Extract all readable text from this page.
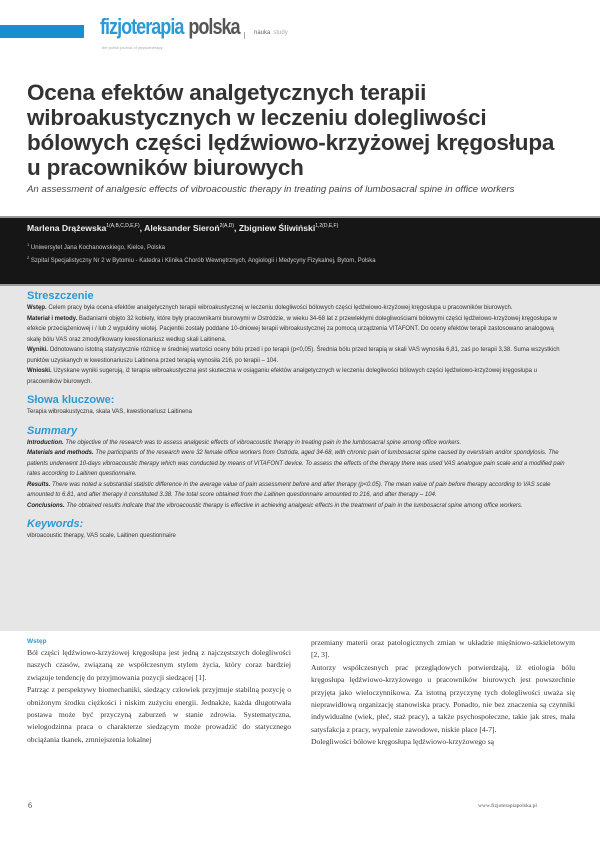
fizjoterapia polska
the polish journal of physiotherapy
nauka study
Ocena efektów analgetycznych terapii wibroakustycznych w leczeniu dolegliwości bólowych części lędźwiowo-krzyżowej kręgosłupa u pracowników biurowych

An assessment of analgesic effects of vibroacoustic therapy in treating pains of lumbosacral spine in office workers

Marlena Drążewska$^{1(A,B,C,D,E,F)}$, Aleksander Sieroń$^{2(A,D)}$, Zbigniew Śliwiński$^{1,2(D,E,F)}$
$^1$ Uniwersytet Jana Kochanowskiego, Kielce, Polska
$^2$ Szpital Specjalistyczny Nr 2 w Bytomiu - Katedra i Klinika Chorób Wewnętrznych, Angiologii i Medycyny Fizykalnej, Bytom, Polska
Streszczenie

Wstęp. Celem pracy była ocena efektów analgetycznych terapii wibroakustycznej w leczeniu dolegliwości bólowych części lędźwiowo-krzyżowej kręgosłupa u pracowników biurowych.

Materiał i metody. Badaniami objęto 32 kobiety, które były pracownikami biurowymi w Ostródzie, w wieku 34-68 lat z przewlekłymi dolegliwościami bólowymi części lędźwiowo-krzyżowej kręgosłupa w efekcie przeciążeniowej i / lub 2 wypukliny wiotej. Pacjentki zostały poddane 10-dniowej terapii wibroakustycznej za pomocą urządzenia VITAFONT. Do oceny efektów terapii zastosowano analogową skalę bólu VAS oraz zmodyfikowany kwestionariusz według skali Laitinena.

Wyniki. Odnotowano istotną statystycznie różnicę w średniej wartości oceny bólu przed i po terapii (p<0,05). Średnia bólu przed terapią w skali VAS wynosiła 6,81, zaś po terapii 3,38. Suma wszystkich punktów uzyskanych w kwestionariuszu Laitinena przed terapią wynosiła 216, po terapii – 104.

Wnioski. Uzyskane wyniki sugerują, iż terapia wibroakustyczna jest skuteczna w osiąganiu efektów analgetycznych w leczeniu dolegliwości bólowych części lędźwiowo-krzyżowej kręgosłupa u pracowników biurowych.

Słowa kluczowe:

Terapia wibroakustyczna, skala VAS, kwestionariusz Laitinena

Summary

Introduction. The objective of the research was to assess analgesic effects of vibroacoustic therapy in treating pain in the lumbosacral spine among office workers.

Materials and methods. The participants of the research were 32 female office workers from Ostróda, aged 34-68, with chronic pain of lumbosacral spine caused by overstrain and/or spondylosis. The patients underwent 10-days vibroacoustic therapy which was conducted by means of VITAFONT device. To assess the effects of the therapy there was used VAS analogue pain scale and a modified pain rates according to Laitinen questionnaire.

Results. There was noted a substantial statistic difference in the average value of pain assessment before and after therapy (p<0.05). The mean value of pain before therapy according to VAS scale amounted to 6.81, and after therapy it constituted 3.38. The total score obtained from the Laitinen questionnaire amounted to 216, and after therapy – 104.

Conclusions. The obtained results indicate that the vibroacoustic therapy is effective in achieving analgesic effects in the treatment of pain in the lumbosacral spine among office workers.

Keywords:

vibroacoustic therapy, VAS scale, Laitinen questionnaire

Wstęp

Ból części lędźwiowo-krzyżowej kręgosłupa jest jedną z najczęstszych dolegliwości naszych czasów, związaną ze współczesnym stylem życia, który coraz bardziej związuje tendencję do przyjmowania pozycji siedzącej [1].

Patrząc z perspektywy biomechaniki, siedzący człowiek przyjmuje stabilną pozycję o obniżonym środku ciężkości i niskim zużyciu energii. Jednakże, każda długotrwała postawa może być przyczyną zaburzeń w stanie zdrowia. Systematyczna, wielogodzinna praca o charakterze siedzącym może prowadzić do statycznego obciążania tkanek, zmniejszenia lokalnej

przemiany materii oraz patologicznych zmian w układzie mięśniowo-szkieletowym [2, 3].

Autorzy współczesnych prac przeglądowych potwierdzają, iż etiologia bólu kręgosłupa lędźwiowo-krzyżowego u pracowników biurowych jest powszechnie przyjęta jako wieloczynnikowa. Za istotną przyczynę tych dolegliwości uważa się nieprawidłową organizację stanowiska pracy. Ponadto, nie bez znaczenia są czynniki indywidualne (wiek, płeć, staż pracy), a także psychospołeczne, takie jak stres, mała satysfakcja z pracy, wypalenie zawodowe, niskie płace [4-7].

Dolegliwości bólowe kręgosłupa lędźwiowo-krzyżowego są

6	www.fizjoterapiapolska.pl
